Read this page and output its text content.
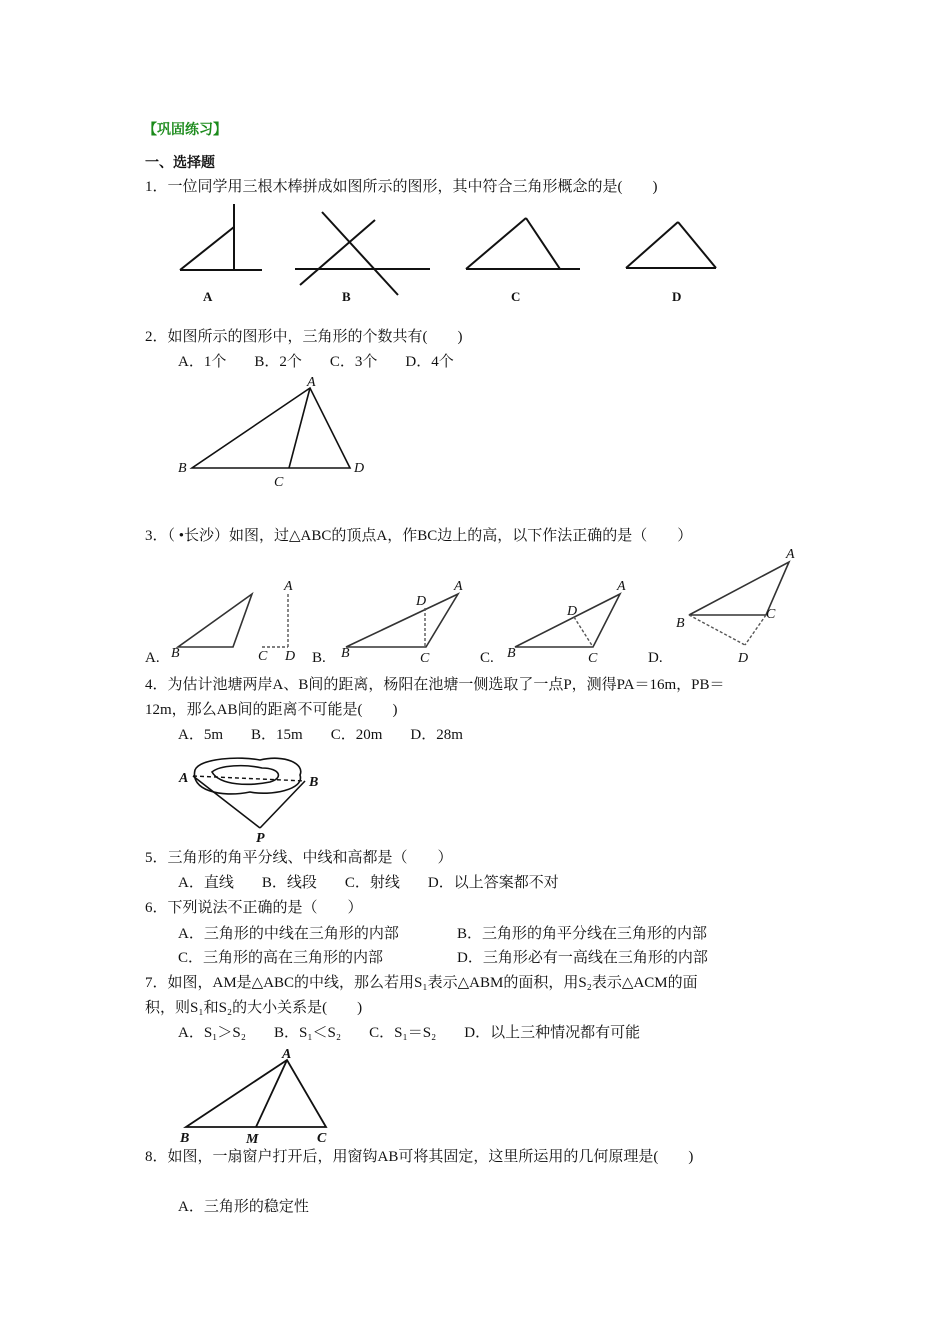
【巩固练习】
一、选择题
1．一位同学用三根木棒拼成如图所示的图形，其中符合三角形概念的是(　　)
A	B	C	D
2．如图所示的图形中，三角形的个数共有(　　)
A．1个 B．2个 C．3个 D．4个
A
B
C
D
3．（ •长沙）如图，过△ABC的顶点A，作BC边上的高，以下作法正确的是（　　）
A.	B.	C.	D.
A
B	C D
A
B	C
D
A
B	C
D
A
B
C
D
4．为估计池塘两岸A、B间的距离，杨阳在池塘一侧选取了一点P，测得PA＝16m，PB＝
12m，那么AB间的距离不可能是(　　)
A．5m B．15m C．20m D．28m
A	B
P
5．三角形的角平分线、中线和高都是（　　）
A．直线 B．线段 C．射线 D．以上答案都不对
6．下列说法不正确的是（　　）
A．三角形的中线在三角形的内部	B．三角形的角平分线在三角形的内部
C．三角形的高在三角形的内部	D．三角形必有一高线在三角形的内部
7．如图，AM是△ABC的中线，那么若用S₁表示△ABM的面积，用S₂表示△ACM的面
积，则S₁和S₂的大小关系是(　　)
A．S₁＞S₂ B．S₁＜S₂ C．S₁＝S₂ D．以上三种情况都有可能
A
B	M	C
8．如图，一扇窗户打开后，用窗钩AB可将其固定，这里所运用的几何原理是(　　)
A．三角形的稳定性
